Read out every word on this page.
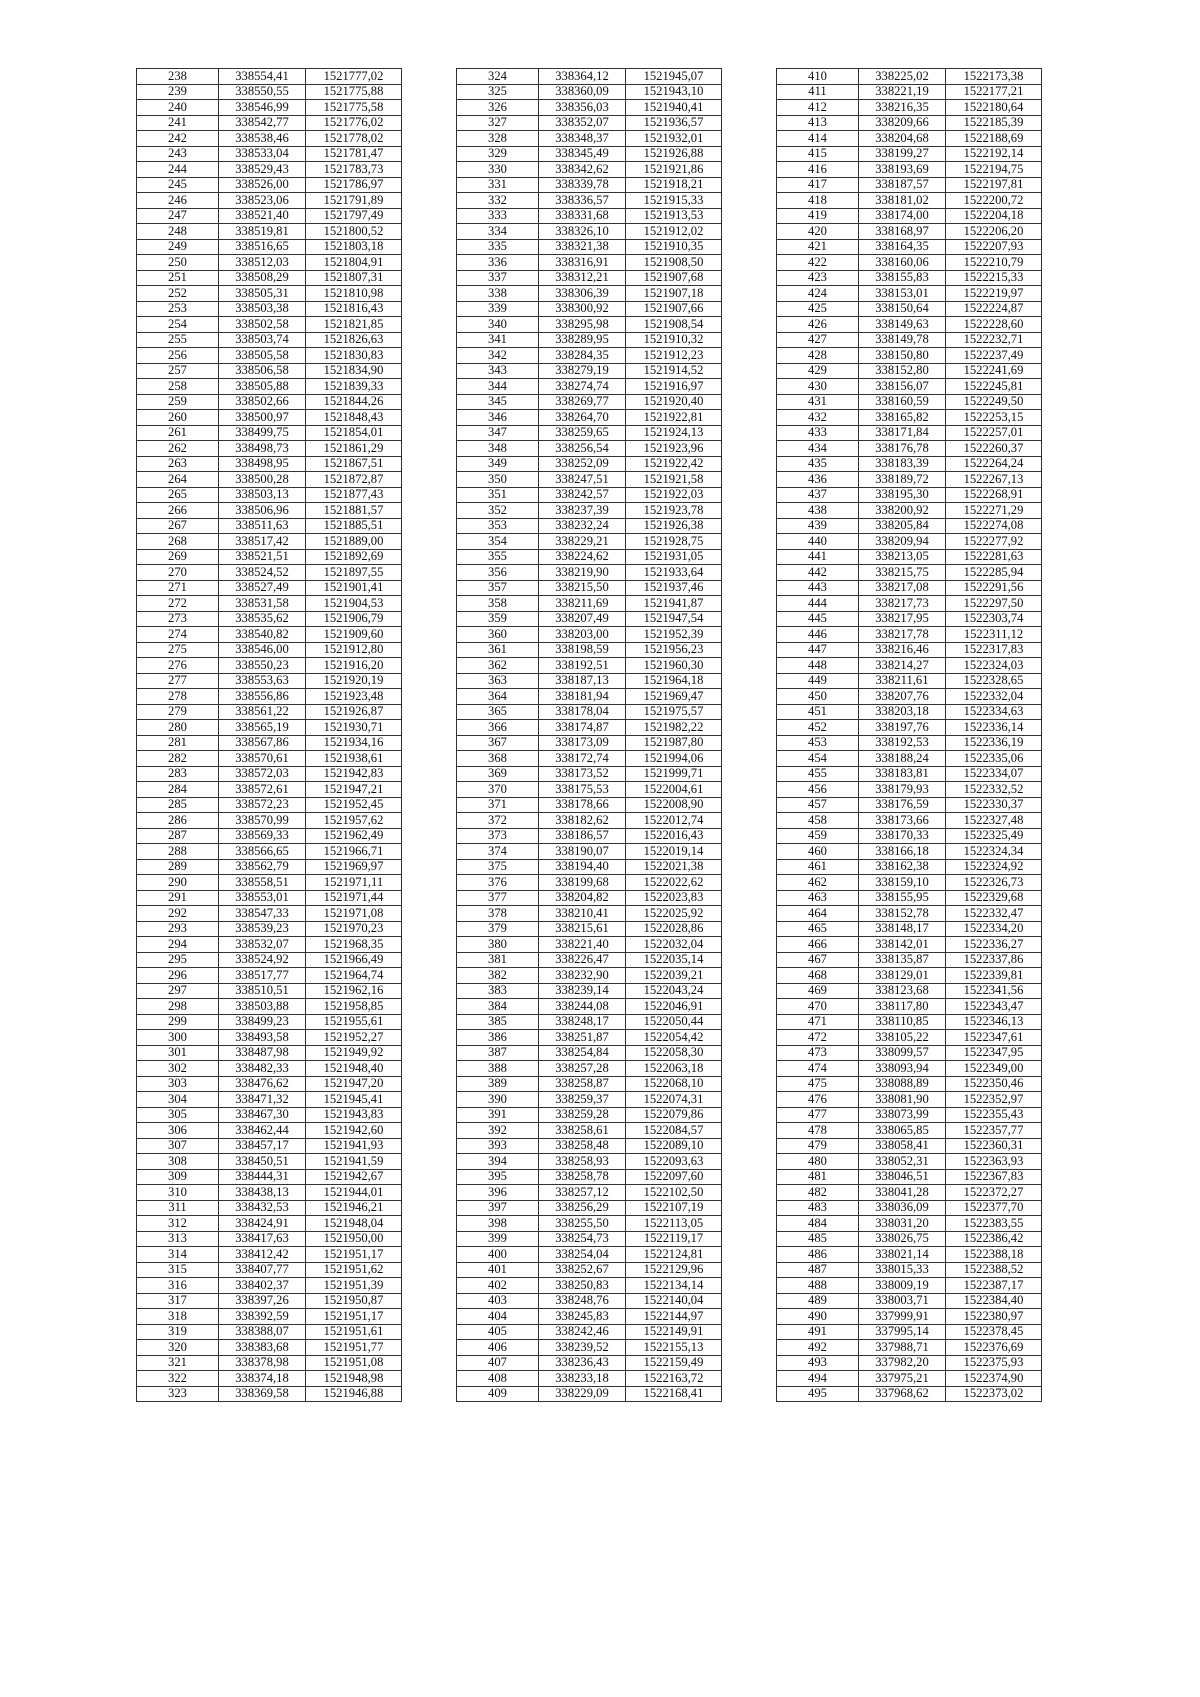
238	338554,41	1521777,02
239	338550,55	1521775,88
240	338546,99	1521775,58
241	338542,77	1521776,02
242	338538,46	1521778,02
243	338533,04	1521781,47
244	338529,43	1521783,73
245	338526,00	1521786,97
246	338523,06	1521791,89
247	338521,40	1521797,49
248	338519,81	1521800,52
249	338516,65	1521803,18
250	338512,03	1521804,91
251	338508,29	1521807,31
252	338505,31	1521810,98
253	338503,38	1521816,43
254	338502,58	1521821,85
255	338503,74	1521826,63
256	338505,58	1521830,83
257	338506,58	1521834,90
258	338505,88	1521839,33
259	338502,66	1521844,26
260	338500,97	1521848,43
261	338499,75	1521854,01
262	338498,73	1521861,29
263	338498,95	1521867,51
264	338500,28	1521872,87
265	338503,13	1521877,43
266	338506,96	1521881,57
267	338511,63	1521885,51
268	338517,42	1521889,00
269	338521,51	1521892,69
270	338524,52	1521897,55
271	338527,49	1521901,41
272	338531,58	1521904,53
273	338535,62	1521906,79
274	338540,82	1521909,60
275	338546,00	1521912,80
276	338550,23	1521916,20
277	338553,63	1521920,19
278	338556,86	1521923,48
279	338561,22	1521926,87
280	338565,19	1521930,71
281	338567,86	1521934,16
282	338570,61	1521938,61
283	338572,03	1521942,83
284	338572,61	1521947,21
285	338572,23	1521952,45
286	338570,99	1521957,62
287	338569,33	1521962,49
288	338566,65	1521966,71
289	338562,79	1521969,97
290	338558,51	1521971,11
291	338553,01	1521971,44
292	338547,33	1521971,08
293	338539,23	1521970,23
294	338532,07	1521968,35
295	338524,92	1521966,49
296	338517,77	1521964,74
297	338510,51	1521962,16
298	338503,88	1521958,85
299	338499,23	1521955,61
300	338493,58	1521952,27
301	338487,98	1521949,92
302	338482,33	1521948,40
303	338476,62	1521947,20
304	338471,32	1521945,41
305	338467,30	1521943,83
306	338462,44	1521942,60
307	338457,17	1521941,93
308	338450,51	1521941,59
309	338444,31	1521942,67
310	338438,13	1521944,01
311	338432,53	1521946,21
312	338424,91	1521948,04
313	338417,63	1521950,00
314	338412,42	1521951,17
315	338407,77	1521951,62
316	338402,37	1521951,39
317	338397,26	1521950,87
318	338392,59	1521951,17
319	338388,07	1521951,61
320	338383,68	1521951,77
321	338378,98	1521951,08
322	338374,18	1521948,98
323	338369,58	1521946,88
324	338364,12	1521945,07
325	338360,09	1521943,10
326	338356,03	1521940,41
327	338352,07	1521936,57
328	338348,37	1521932,01
329	338345,49	1521926,88
330	338342,62	1521921,86
331	338339,78	1521918,21
332	338336,57	1521915,33
333	338331,68	1521913,53
334	338326,10	1521912,02
335	338321,38	1521910,35
336	338316,91	1521908,50
337	338312,21	1521907,68
338	338306,39	1521907,18
339	338300,92	1521907,66
340	338295,98	1521908,54
341	338289,95	1521910,32
342	338284,35	1521912,23
343	338279,19	1521914,52
344	338274,74	1521916,97
345	338269,77	1521920,40
346	338264,70	1521922,81
347	338259,65	1521924,13
348	338256,54	1521923,96
349	338252,09	1521922,42
350	338247,51	1521921,58
351	338242,57	1521922,03
352	338237,39	1521923,78
353	338232,24	1521926,38
354	338229,21	1521928,75
355	338224,62	1521931,05
356	338219,90	1521933,64
357	338215,50	1521937,46
358	338211,69	1521941,87
359	338207,49	1521947,54
360	338203,00	1521952,39
361	338198,59	1521956,23
362	338192,51	1521960,30
363	338187,13	1521964,18
364	338181,94	1521969,47
365	338178,04	1521975,57
366	338174,87	1521982,22
367	338173,09	1521987,80
368	338172,74	1521994,06
369	338173,52	1521999,71
370	338175,53	1522004,61
371	338178,66	1522008,90
372	338182,62	1522012,74
373	338186,57	1522016,43
374	338190,07	1522019,14
375	338194,40	1522021,38
376	338199,68	1522022,62
377	338204,82	1522023,83
378	338210,41	1522025,92
379	338215,61	1522028,86
380	338221,40	1522032,04
381	338226,47	1522035,14
382	338232,90	1522039,21
383	338239,14	1522043,24
384	338244,08	1522046,91
385	338248,17	1522050,44
386	338251,87	1522054,42
387	338254,84	1522058,30
388	338257,28	1522063,18
389	338258,87	1522068,10
390	338259,37	1522074,31
391	338259,28	1522079,86
392	338258,61	1522084,57
393	338258,48	1522089,10
394	338258,93	1522093,63
395	338258,78	1522097,60
396	338257,12	1522102,50
397	338256,29	1522107,19
398	338255,50	1522113,05
399	338254,73	1522119,17
400	338254,04	1522124,81
401	338252,67	1522129,96
402	338250,83	1522134,14
403	338248,76	1522140,04
404	338245,83	1522144,97
405	338242,46	1522149,91
406	338239,52	1522155,13
407	338236,43	1522159,49
408	338233,18	1522163,72
409	338229,09	1522168,41
410	338225,02	1522173,38
411	338221,19	1522177,21
412	338216,35	1522180,64
413	338209,66	1522185,39
414	338204,68	1522188,69
415	338199,27	1522192,14
416	338193,69	1522194,75
417	338187,57	1522197,81
418	338181,02	1522200,72
419	338174,00	1522204,18
420	338168,97	1522206,20
421	338164,35	1522207,93
422	338160,06	1522210,79
423	338155,83	1522215,33
424	338153,01	1522219,97
425	338150,64	1522224,87
426	338149,63	1522228,60
427	338149,78	1522232,71
428	338150,80	1522237,49
429	338152,80	1522241,69
430	338156,07	1522245,81
431	338160,59	1522249,50
432	338165,82	1522253,15
433	338171,84	1522257,01
434	338176,78	1522260,37
435	338183,39	1522264,24
436	338189,72	1522267,13
437	338195,30	1522268,91
438	338200,92	1522271,29
439	338205,84	1522274,08
440	338209,94	1522277,92
441	338213,05	1522281,63
442	338215,75	1522285,94
443	338217,08	1522291,56
444	338217,73	1522297,50
445	338217,95	1522303,74
446	338217,78	1522311,12
447	338216,46	1522317,83
448	338214,27	1522324,03
449	338211,61	1522328,65
450	338207,76	1522332,04
451	338203,18	1522334,63
452	338197,76	1522336,14
453	338192,53	1522336,19
454	338188,24	1522335,06
455	338183,81	1522334,07
456	338179,93	1522332,52
457	338176,59	1522330,37
458	338173,66	1522327,48
459	338170,33	1522325,49
460	338166,18	1522324,34
461	338162,38	1522324,92
462	338159,10	1522326,73
463	338155,95	1522329,68
464	338152,78	1522332,47
465	338148,17	1522334,20
466	338142,01	1522336,27
467	338135,87	1522337,86
468	338129,01	1522339,81
469	338123,68	1522341,56
470	338117,80	1522343,47
471	338110,85	1522346,13
472	338105,22	1522347,61
473	338099,57	1522347,95
474	338093,94	1522349,00
475	338088,89	1522350,46
476	338081,90	1522352,97
477	338073,99	1522355,43
478	338065,85	1522357,77
479	338058,41	1522360,31
480	338052,31	1522363,93
481	338046,51	1522367,83
482	338041,28	1522372,27
483	338036,09	1522377,70
484	338031,20	1522383,55
485	338026,75	1522386,42
486	338021,14	1522388,18
487	338015,33	1522388,52
488	338009,19	1522387,17
489	338003,71	1522384,40
490	337999,91	1522380,97
491	337995,14	1522378,45
492	337988,71	1522376,69
493	337982,20	1522375,93
494	337975,21	1522374,90
495	337968,62	1522373,02
